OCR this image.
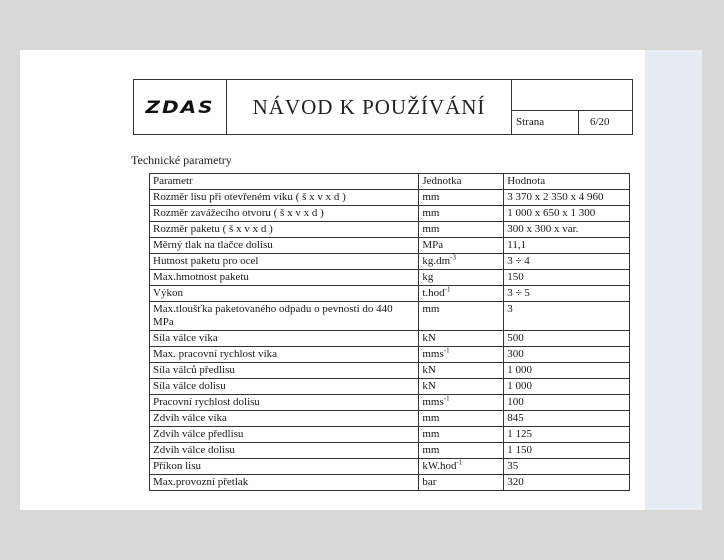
ZDAS NÁVOD K POUŽÍVÁNÍ
Strana	6/20
Technické parametry
Parametr	Jednotka	Hodnota
Rozměr lisu při otevřeném víku ( š x v x d )	mm	3 370 x 2 350 x 4 960
Rozměr zavážecího otvoru ( š x v x d )	mm	1 000 x 650 x 1 300
Rozměr paketu ( š x v x d )	mm	300 x 300 x var.
Měrný tlak na tlačce dolisu	MPa	11,1
Hutnost paketu pro ocel	$kg.dm^{-3}$	3 ÷ 4
Max.hmotnost paketu	kg	150
Výkon	t.hod$^{-1}$	3 ÷ 5
Max.tloušťka paketovaného odpadu o pevnosti do 440 MPa	mm	3
Síla válce víka	kN	500
Max. pracovní rychlost víka	mms$^{-1}$	300
Síla válců předlisu	kN	1 000
Síla válce dolisu	kN	1 000
Pracovní rychlost dolisu	mms$^{-1}$	100
Zdvih válce víka	mm	845
Zdvih válce předlisu	mm	1 125
Zdvih válce dolisu	mm	1 150
Příkon lisu	kW.hod$^{-1}$	35
Max.provozní přetlak	bar	320
